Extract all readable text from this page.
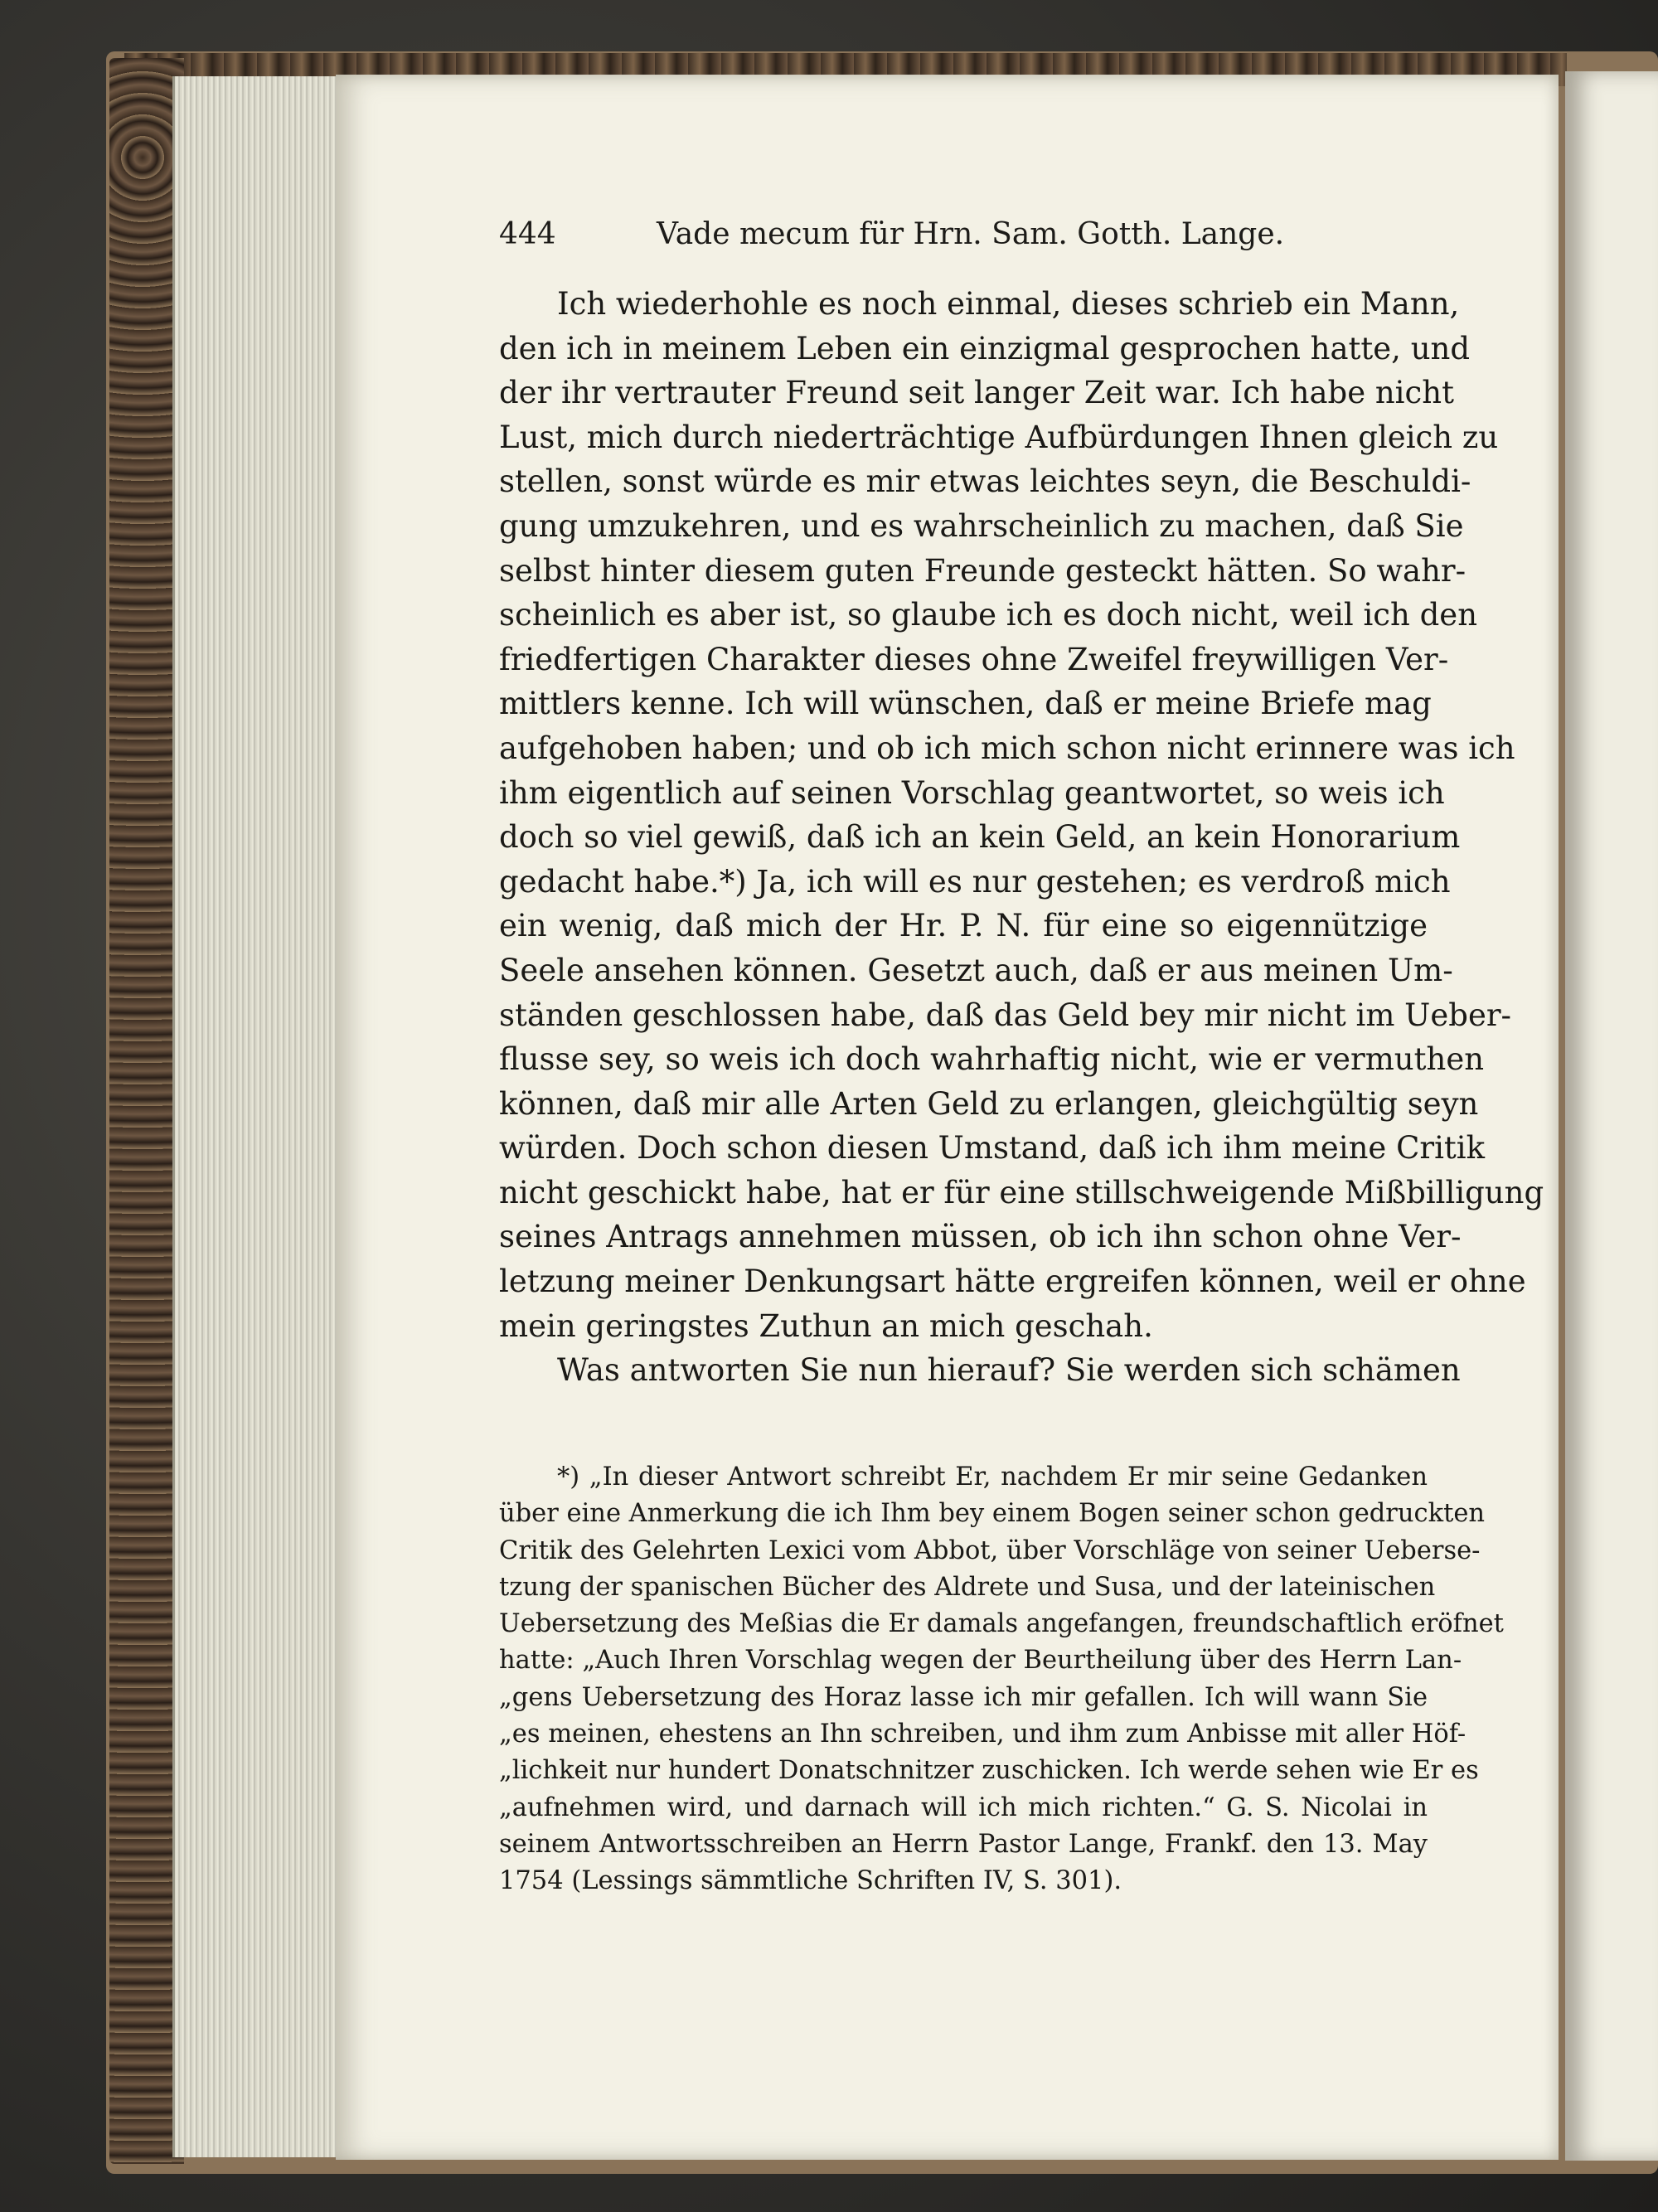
444	Vade mecum für Hrn. Sam. Gotth. Lange.
Ich wiederhohle es noch einmal, dieses schrieb ein Mann,
den ich in meinem Leben ein einzigmal gesprochen hatte, und
der ihr vertrauter Freund seit langer Zeit war. Ich habe nicht
Lust, mich durch niederträchtige Aufbürdungen Ihnen gleich zu
stellen, sonst würde es mir etwas leichtes seyn, die Beschuldi-
gung umzukehren, und es wahrscheinlich zu machen, daß Sie
selbst hinter diesem guten Freunde gesteckt hätten. So wahr-
scheinlich es aber ist, so glaube ich es doch nicht, weil ich den
friedfertigen Charakter dieses ohne Zweifel freywilligen Ver-
mittlers kenne. Ich will wünschen, daß er meine Briefe mag
aufgehoben haben; und ob ich mich schon nicht erinnere was ich
ihm eigentlich auf seinen Vorschlag geantwortet, so weis ich
doch so viel gewiß, daß ich an kein Geld, an kein Honorarium
gedacht habe.*) Ja, ich will es nur gestehen; es verdroß mich
ein wenig, daß mich der Hr. P. N. für eine so eigennützige
Seele ansehen können. Gesetzt auch, daß er aus meinen Um-
ständen geschlossen habe, daß das Geld bey mir nicht im Ueber-
flusse sey, so weis ich doch wahrhaftig nicht, wie er vermuthen
können, daß mir alle Arten Geld zu erlangen, gleichgültig seyn
würden. Doch schon diesen Umstand, daß ich ihm meine Critik
nicht geschickt habe, hat er für eine stillschweigende Mißbilligung
seines Antrags annehmen müssen, ob ich ihn schon ohne Ver-
letzung meiner Denkungsart hätte ergreifen können, weil er ohne
mein geringstes Zuthun an mich geschah.
Was antworten Sie nun hierauf? Sie werden sich schämen
*) „In dieser Antwort schreibt Er, nachdem Er mir seine Gedanken
über eine Anmerkung die ich Ihm bey einem Bogen seiner schon gedruckten
Critik des Gelehrten Lexici vom Abbot, über Vorschläge von seiner Ueberse-
tzung der spanischen Bücher des Aldrete und Susa, und der lateinischen
Uebersetzung des Meßias die Er damals angefangen, freundschaftlich eröfnet
hatte: „Auch Ihren Vorschlag wegen der Beurtheilung über des Herrn Lan-
„gens Uebersetzung des Horaz lasse ich mir gefallen. Ich will wann Sie
„es meinen, ehestens an Ihn schreiben, und ihm zum Anbisse mit aller Höf-
„lichkeit nur hundert Donatschnitzer zuschicken. Ich werde sehen wie Er es
„aufnehmen wird, und darnach will ich mich richten.“ G. S. Nicolai in
seinem Antwortsschreiben an Herrn Pastor Lange, Frankf. den 13. May
1754 (Lessings sämmtliche Schriften IV, S. 301).
